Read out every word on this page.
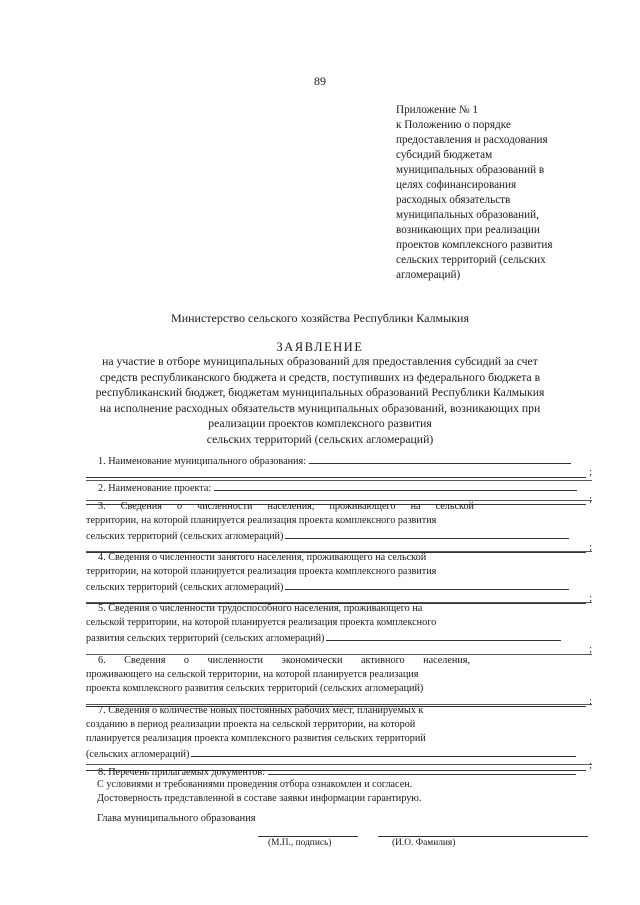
89
Приложение № 1
к Положению о порядке
предоставления и расходования
субсидий бюджетам
муниципальных образований в
целях софинансирования
расходных обязательств
муниципальных образований,
возникающих при реализации
проектов комплексного развития
сельских территорий (сельских
агломераций)
Министерство сельского хозяйства Республики Калмыкия
ЗАЯВЛЕНИЕ
на участие в отборе муниципальных образований для предоставления субсидий за счет
средств республиканского бюджета и средств, поступивших из федерального бюджета в
республиканский бюджет, бюджетам муниципальных образований Республики Калмыкия
на исполнение расходных обязательств муниципальных образований, возникающих при
реализации проектов комплексного развития
сельских территорий (сельских агломераций)
1. Наименование муниципального образования:
;
2. Наименование проекта:
;
3. Сведения о численности населения, проживающего на сельской
территории, на которой планируется реализация проекта комплексного развития
сельских территорий (сельских агломераций)
;
4. Сведения о численности занятого населения, проживающего на сельской
территории, на которой планируется реализация проекта комплексного развития
сельских территорий (сельских агломераций)
;
5. Сведения о численности трудоспособного населения, проживающего на
сельской территории, на которой планируется реализация проекта комплексного
развития сельских территорий (сельских агломераций)
;
6. Сведения о численности экономически активного населения,
проживающего на сельской территории, на которой планируется реализация
проекта комплексного развития сельских территорий (сельских агломераций)
;
7. Сведения о количестве новых постоянных рабочих мест, планируемых к
созданию в период реализации проекта на сельской территории, на которой
планируется реализация проекта комплексного развития сельских территорий
(сельских агломераций)
;
8. Перечень прилагаемых документов:
С условиями и требованиями проведения отбора ознакомлен и согласен.
Достоверность представленной в составе заявки информации гарантирую.
Глава муниципального образования
(М.П., подпись)	(И.О. Фамилия)
